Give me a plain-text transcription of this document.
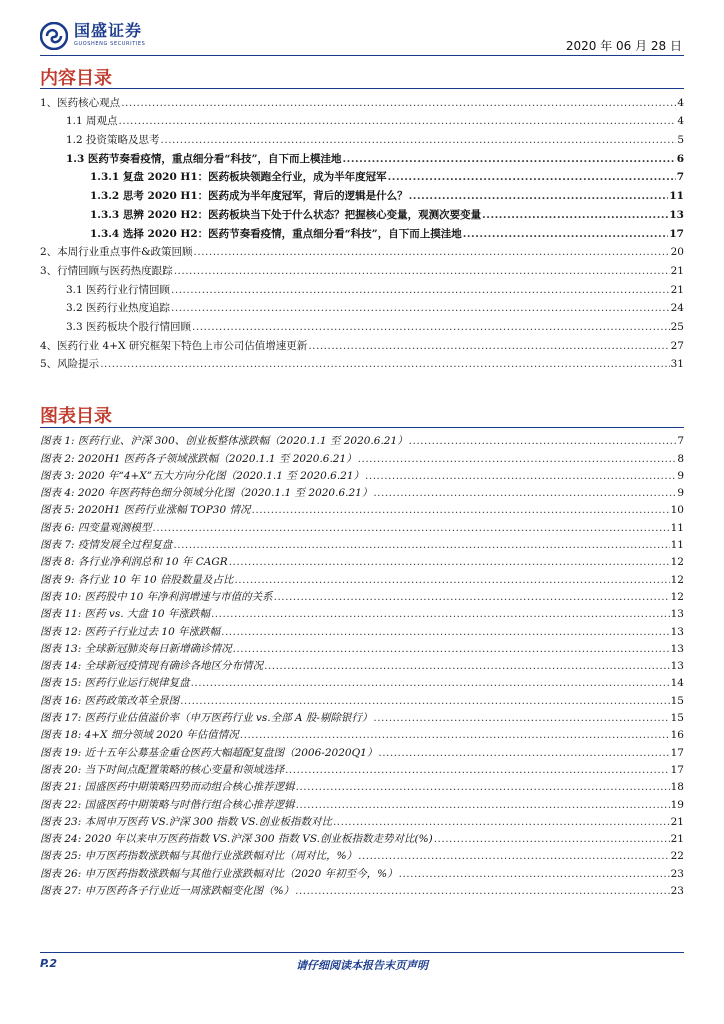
国盛证券
GUOSHENG SECURITIES	2020 年 06 月 28 日
内容目录
1、医药核心观点 .....	4
1.1 周观点 .....	4
1.2 投资策略及思考 .....	5
1.3 医药节奏看疫情，重点细分看“科技”，自下而上模洼地 .....	6
1.3.1 复盘 2020 H1：医药板块领跑全行业，成为半年度冠军 .....	7
1.3.2 思考 2020 H1：医药成为半年度冠军，背后的逻辑是什么？ .....	11
1.3.3 思辨 2020 H2：医药板块当下处于什么状态？把握核心变量，观测次要变量 .....	13
1.3.4 选择 2020 H2：医药节奏看疫情，重点细分看“科技”，自下而上摸洼地 .....	17
2、本周行业重点事件&政策回顾 .....	20
3、行情回顾与医药热度跟踪 .....	21
3.1 医药行业行情回顾 .....	21
3.2 医药行业热度追踪 .....	24
3.3 医药板块个股行情回顾 .....	25
4、医药行业 4+X 研究框架下特色上市公司估值增速更新 .....	27
5、风险提示 .....	31
图表目录
图表 1: 医药行业、沪深 300、创业板整体涨跌幅（2020.1.1 至 2020.6.21） .....	7
图表 2: 2020H1 医药各子领域涨跌幅（2020.1.1 至 2020.6.21） .....	8
图表 3: 2020 年“4+X”五大方向分化图（2020.1.1 至 2020.6.21） .....	9
图表 4: 2020 年医药特色细分领域分化图（2020.1.1 至 2020.6.21） .....	9
图表 5: 2020H1 医药行业涨幅 TOP30 情况 .....	10
图表 6: 四变量观测模型 .....	11
图表 7: 疫情发展全过程复盘 .....	11
图表 8: 各行业净利润总和 10 年 CAGR .....	12
图表 9: 各行业 10 年 10 倍股数量及占比 .....	12
图表 10: 医药股中 10 年净利润增速与市值的关系 .....	12
图表 11: 医药 vs. 大盘 10 年涨跌幅 .....	13
图表 12: 医药子行业过去 10 年涨跌幅 .....	13
图表 13: 全球新冠肺炎每日新增确诊情况 .....	13
图表 14: 全球新冠疫情现有确诊各地区分布情况 .....	13
图表 15: 医药行业运行规律复盘 .....	14
图表 16: 医药政策改革全景图 .....	15
图表 17: 医药行业估值溢价率（申万医药行业 vs.全部 A 股-剔除银行） .....	15
图表 18: 4+X 细分领域 2020 年估值情况 .....	16
图表 19: 近十五年公募基金重仓医药大幅超配复盘图（2006-2020Q1） .....	17
图表 20: 当下时间点配置策略的核心变量和领域选择 .....	17
图表 21: 国盛医药中期策略四势而动组合核心推荐逻辑 .....	18
图表 22: 国盛医药中期策略与时偕行组合核心推荐逻辑 .....	19
图表 23: 本周申万医药 VS.沪深 300 指数 VS.创业板指数对比 .....	21
图表 24: 2020 年以来申万医药指数 VS.沪深 300 指数 VS.创业板指数走势对比(%) .....	21
图表 25: 申万医药指数涨跌幅与其他行业涨跌幅对比（周对比，%） .....	22
图表 26: 申万医药指数涨跌幅与其他行业涨跌幅对比（2020 年初至今，%） .....	23
图表 27: 申万医药各子行业近一周涨跌幅变化图（%） .....	23
P.2	请仔细阅读本报告末页声明
